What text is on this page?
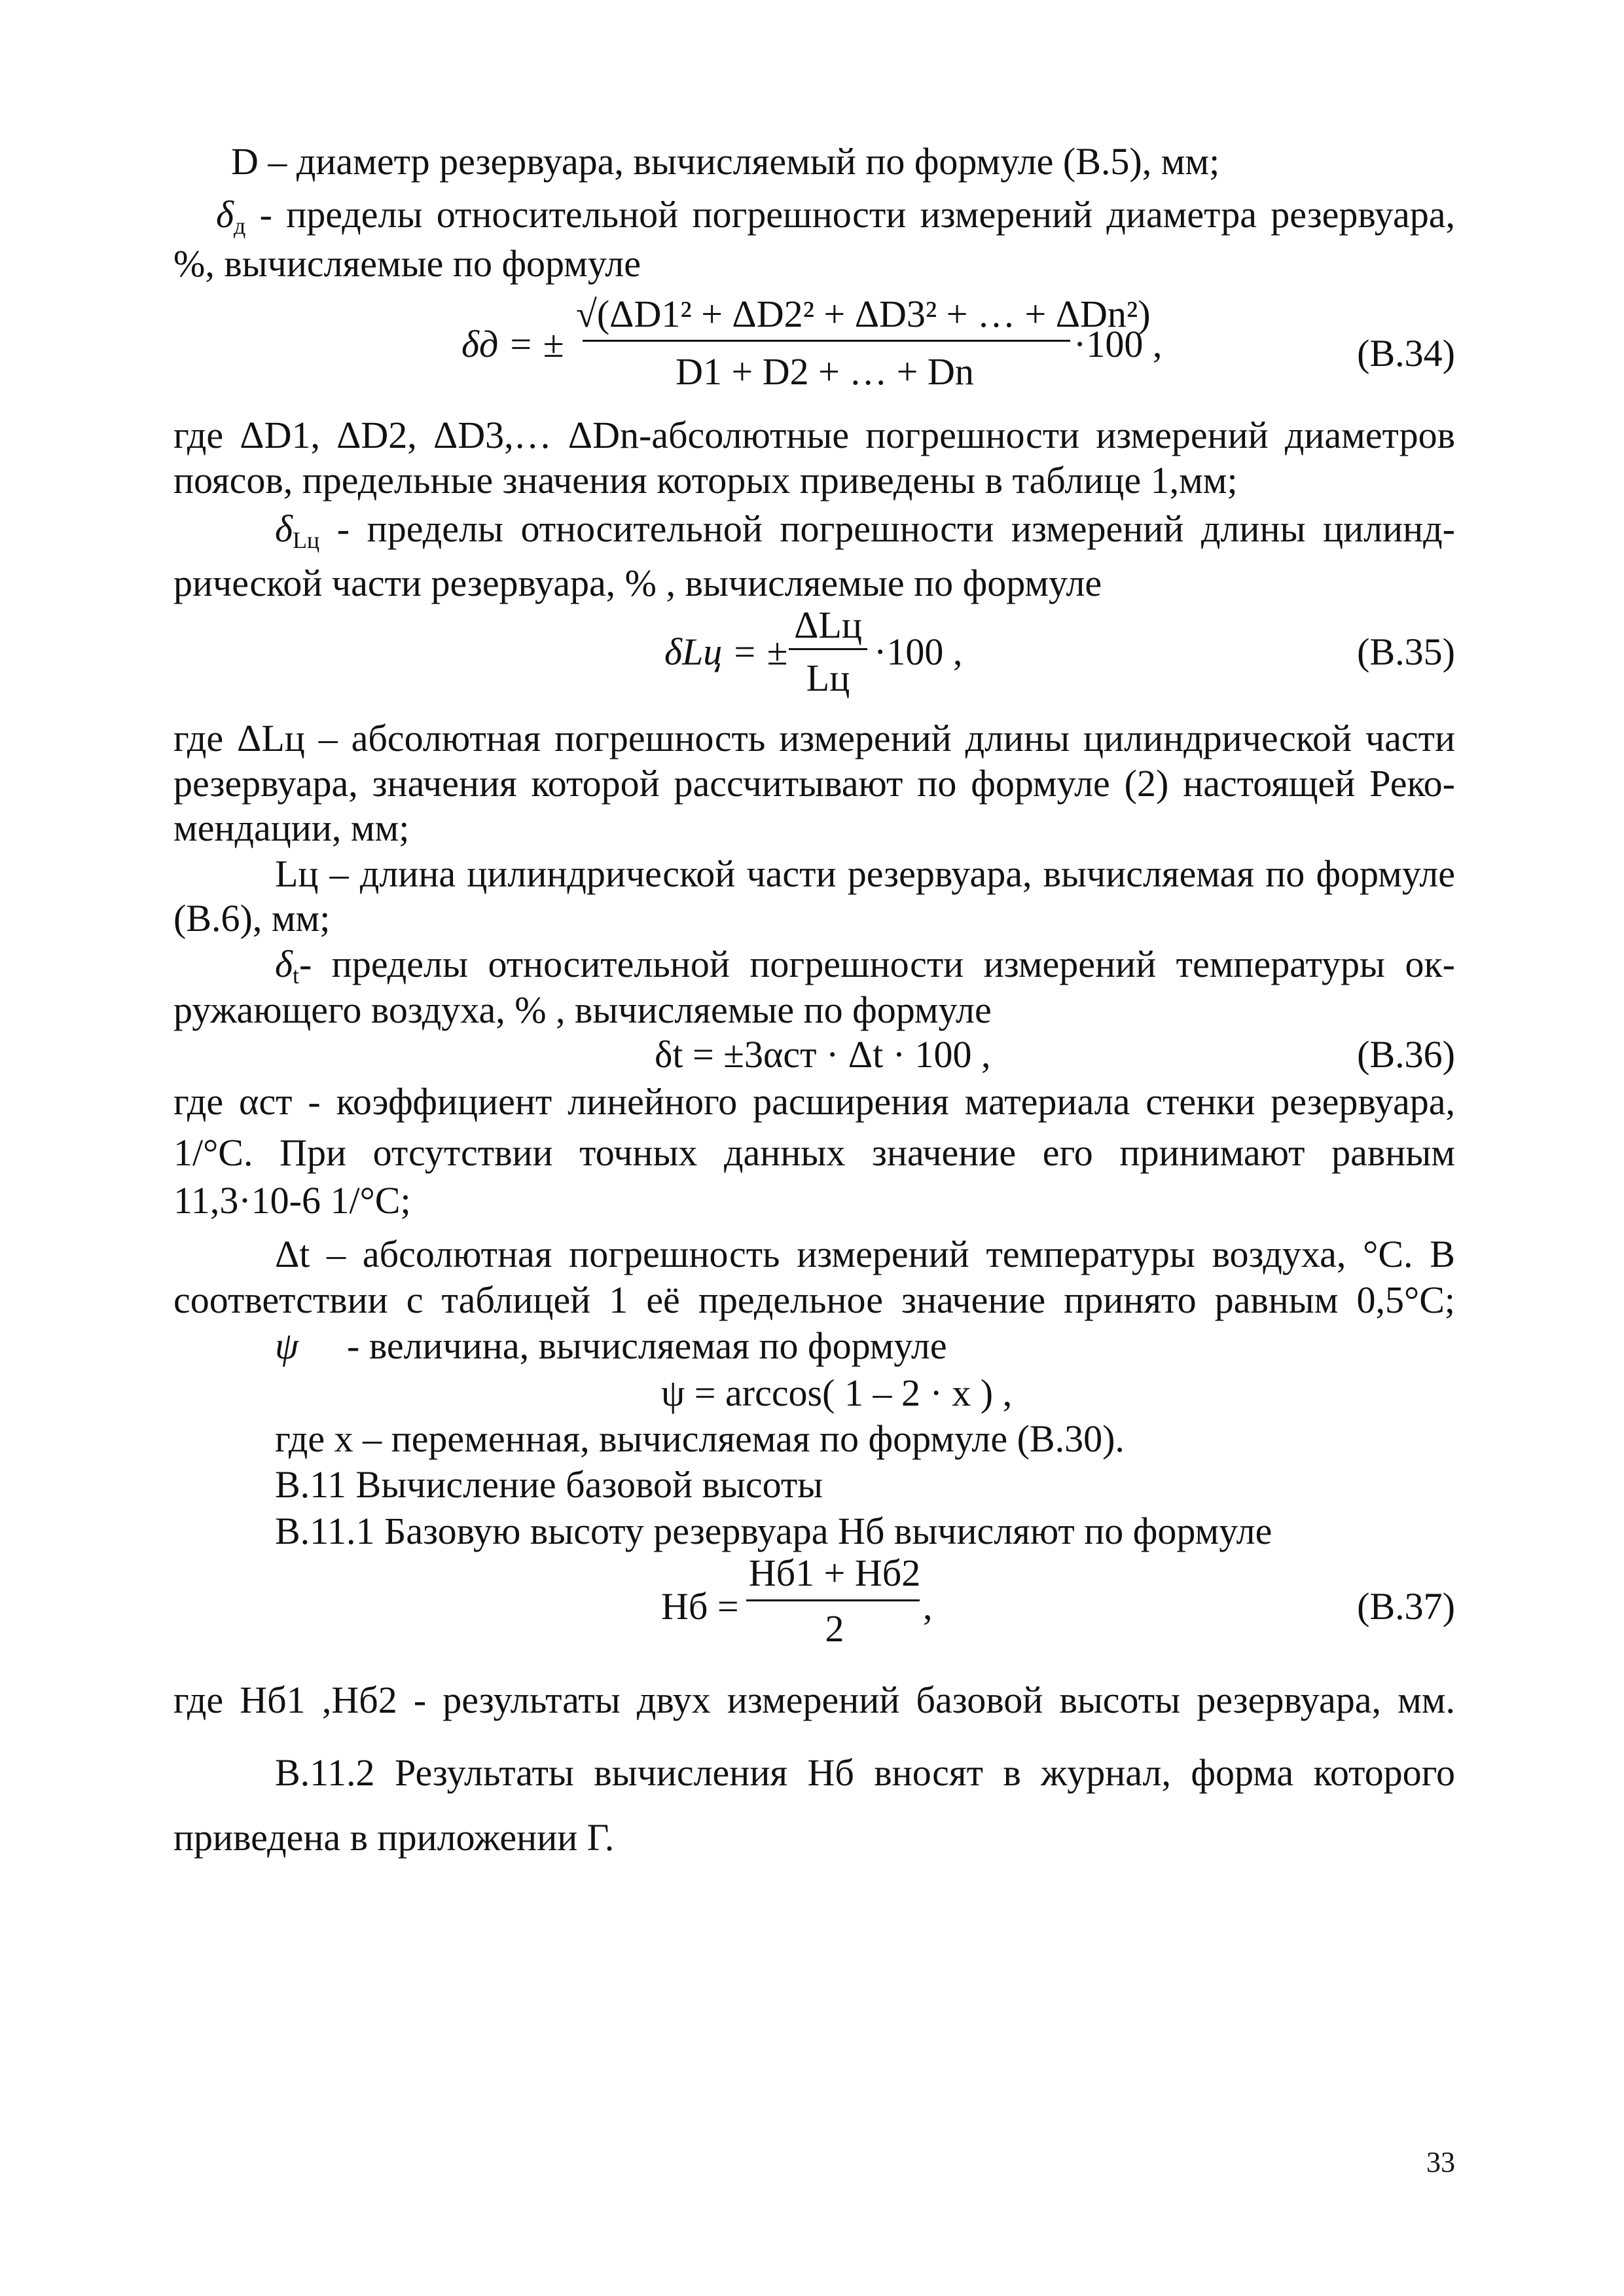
D – диаметр резервуара, вычисляемый по формуле (В.5), мм;
$\delta_д$ - пределы относительной погрешности измерений диаметра резервуара,
%, вычисляемые по формуле
δд = ±
√(ΔD1² + ΔD2² + ΔD3² + … + ΔDn²)
D1 + D2 + … + Dn
·100 ,	(В.34)
где ΔD1, ΔD2, ΔD3,… ΔDn-абсолютные погрешности измерений диаметров
поясов, предельные значения которых приведены в таблице 1,мм;
$\delta_{Lц}$ - пределы относительной погрешности измерений длины цилинд-
рической части резервуара, % , вычисляемые по формуле
δLц = ±
ΔLц
Lц
·100 ,	(В.35)
где ΔLц – абсолютная погрешность измерений длины цилиндрической части
резервуара, значения которой рассчитывают по формуле (2) настоящей Реко-
мендации, мм;
Lц – длина цилиндрической части резервуара, вычисляемая по формуле
(В.6), мм;
$\delta_t-$ пределы относительной погрешности измерений температуры ок-
ружающего воздуха, % , вычисляемые по формуле
δt = ±3αст · Δt · 100 ,	(В.36)
где αст - коэффициент линейного расширения материала стенки резервуара,
1/°C. При отсутствии точных данных значение его принимают равным
11,3·10-6 1/°C;
Δt – абсолютная погрешность измерений температуры воздуха, °C. В
соответствии с таблицей 1 её предельное значение принято равным 0,5°C;
ψ - величина, вычисляемая по формуле
ψ = arccos( 1 – 2 · x ) ,
где x – переменная, вычисляемая по формуле (В.30).
В.11 Вычисление базовой высоты
В.11.1 Базовую высоту резервуара Hб вычисляют по формуле
Hб =
Hб1 + Hб2
2
,	(В.37)
где Hб1 ,Hб2 - результаты двух измерений базовой высоты резервуара, мм.
В.11.2 Результаты вычисления Hб вносят в журнал, форма которого
приведена в приложении Г.
33
